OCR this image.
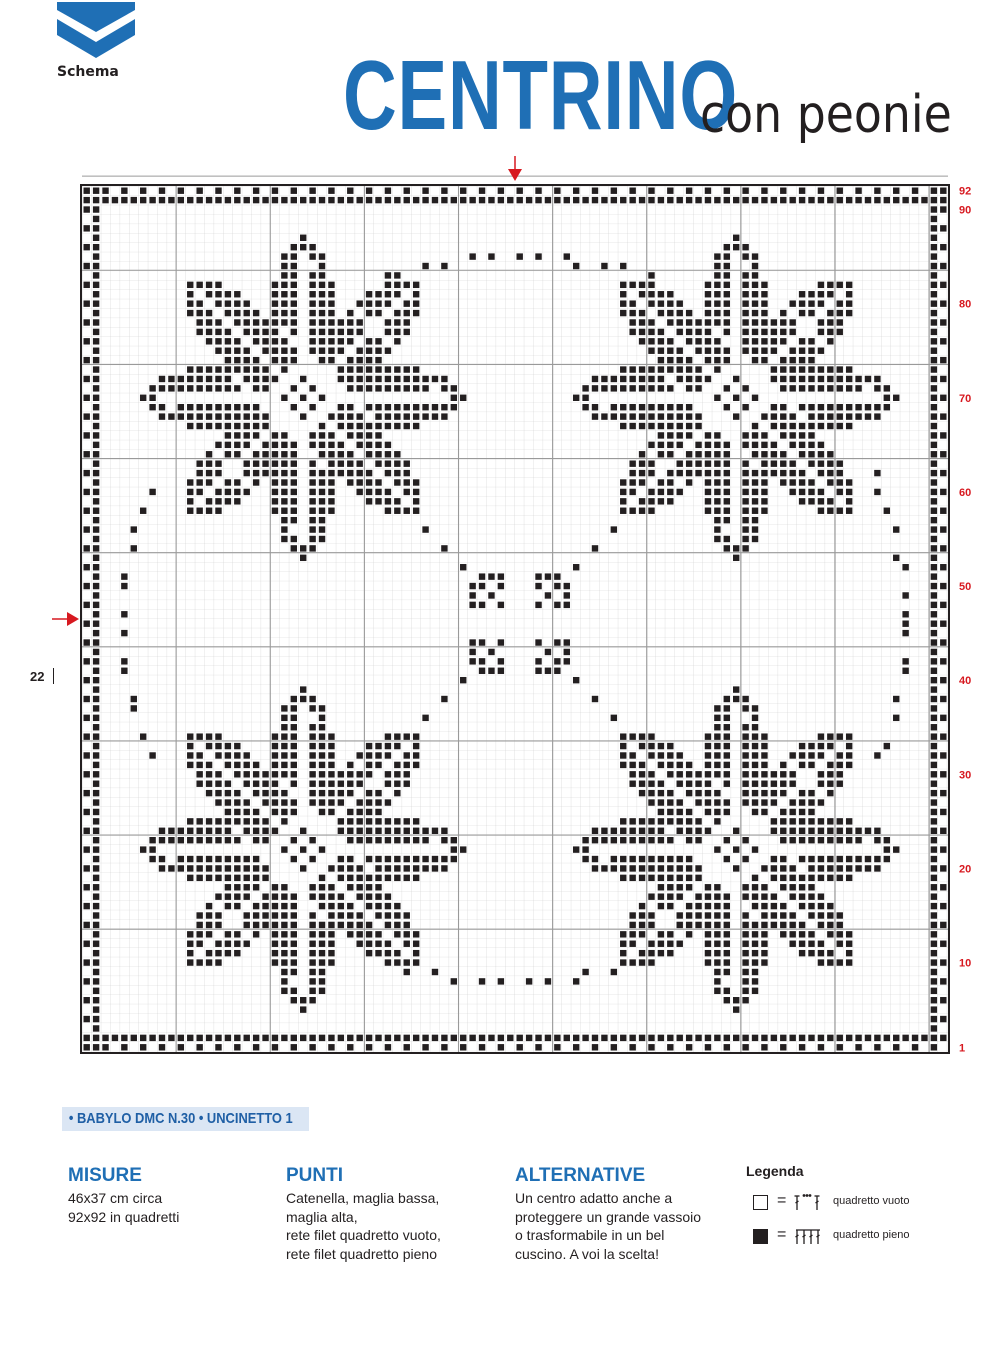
Schema CENTRINO
con peonie
92
90
80
70
60
50
40
30
20
10
1
22
• BABYLO DMC N.30 • UNCINETTO 1
MISURE

46x37 cm circa
92x92 in quadretti

PUNTI

Catenella, maglia bassa,
maglia alta,
rete filet quadretto vuoto,
rete filet quadretto pieno

ALTERNATIVE

Un centro adatto anche a
proteggere un grande vassoio
o trasformabile in un bel
cuscino. A voi la scelta!

Legenda
=	quadretto vuoto
=	quadretto pieno
